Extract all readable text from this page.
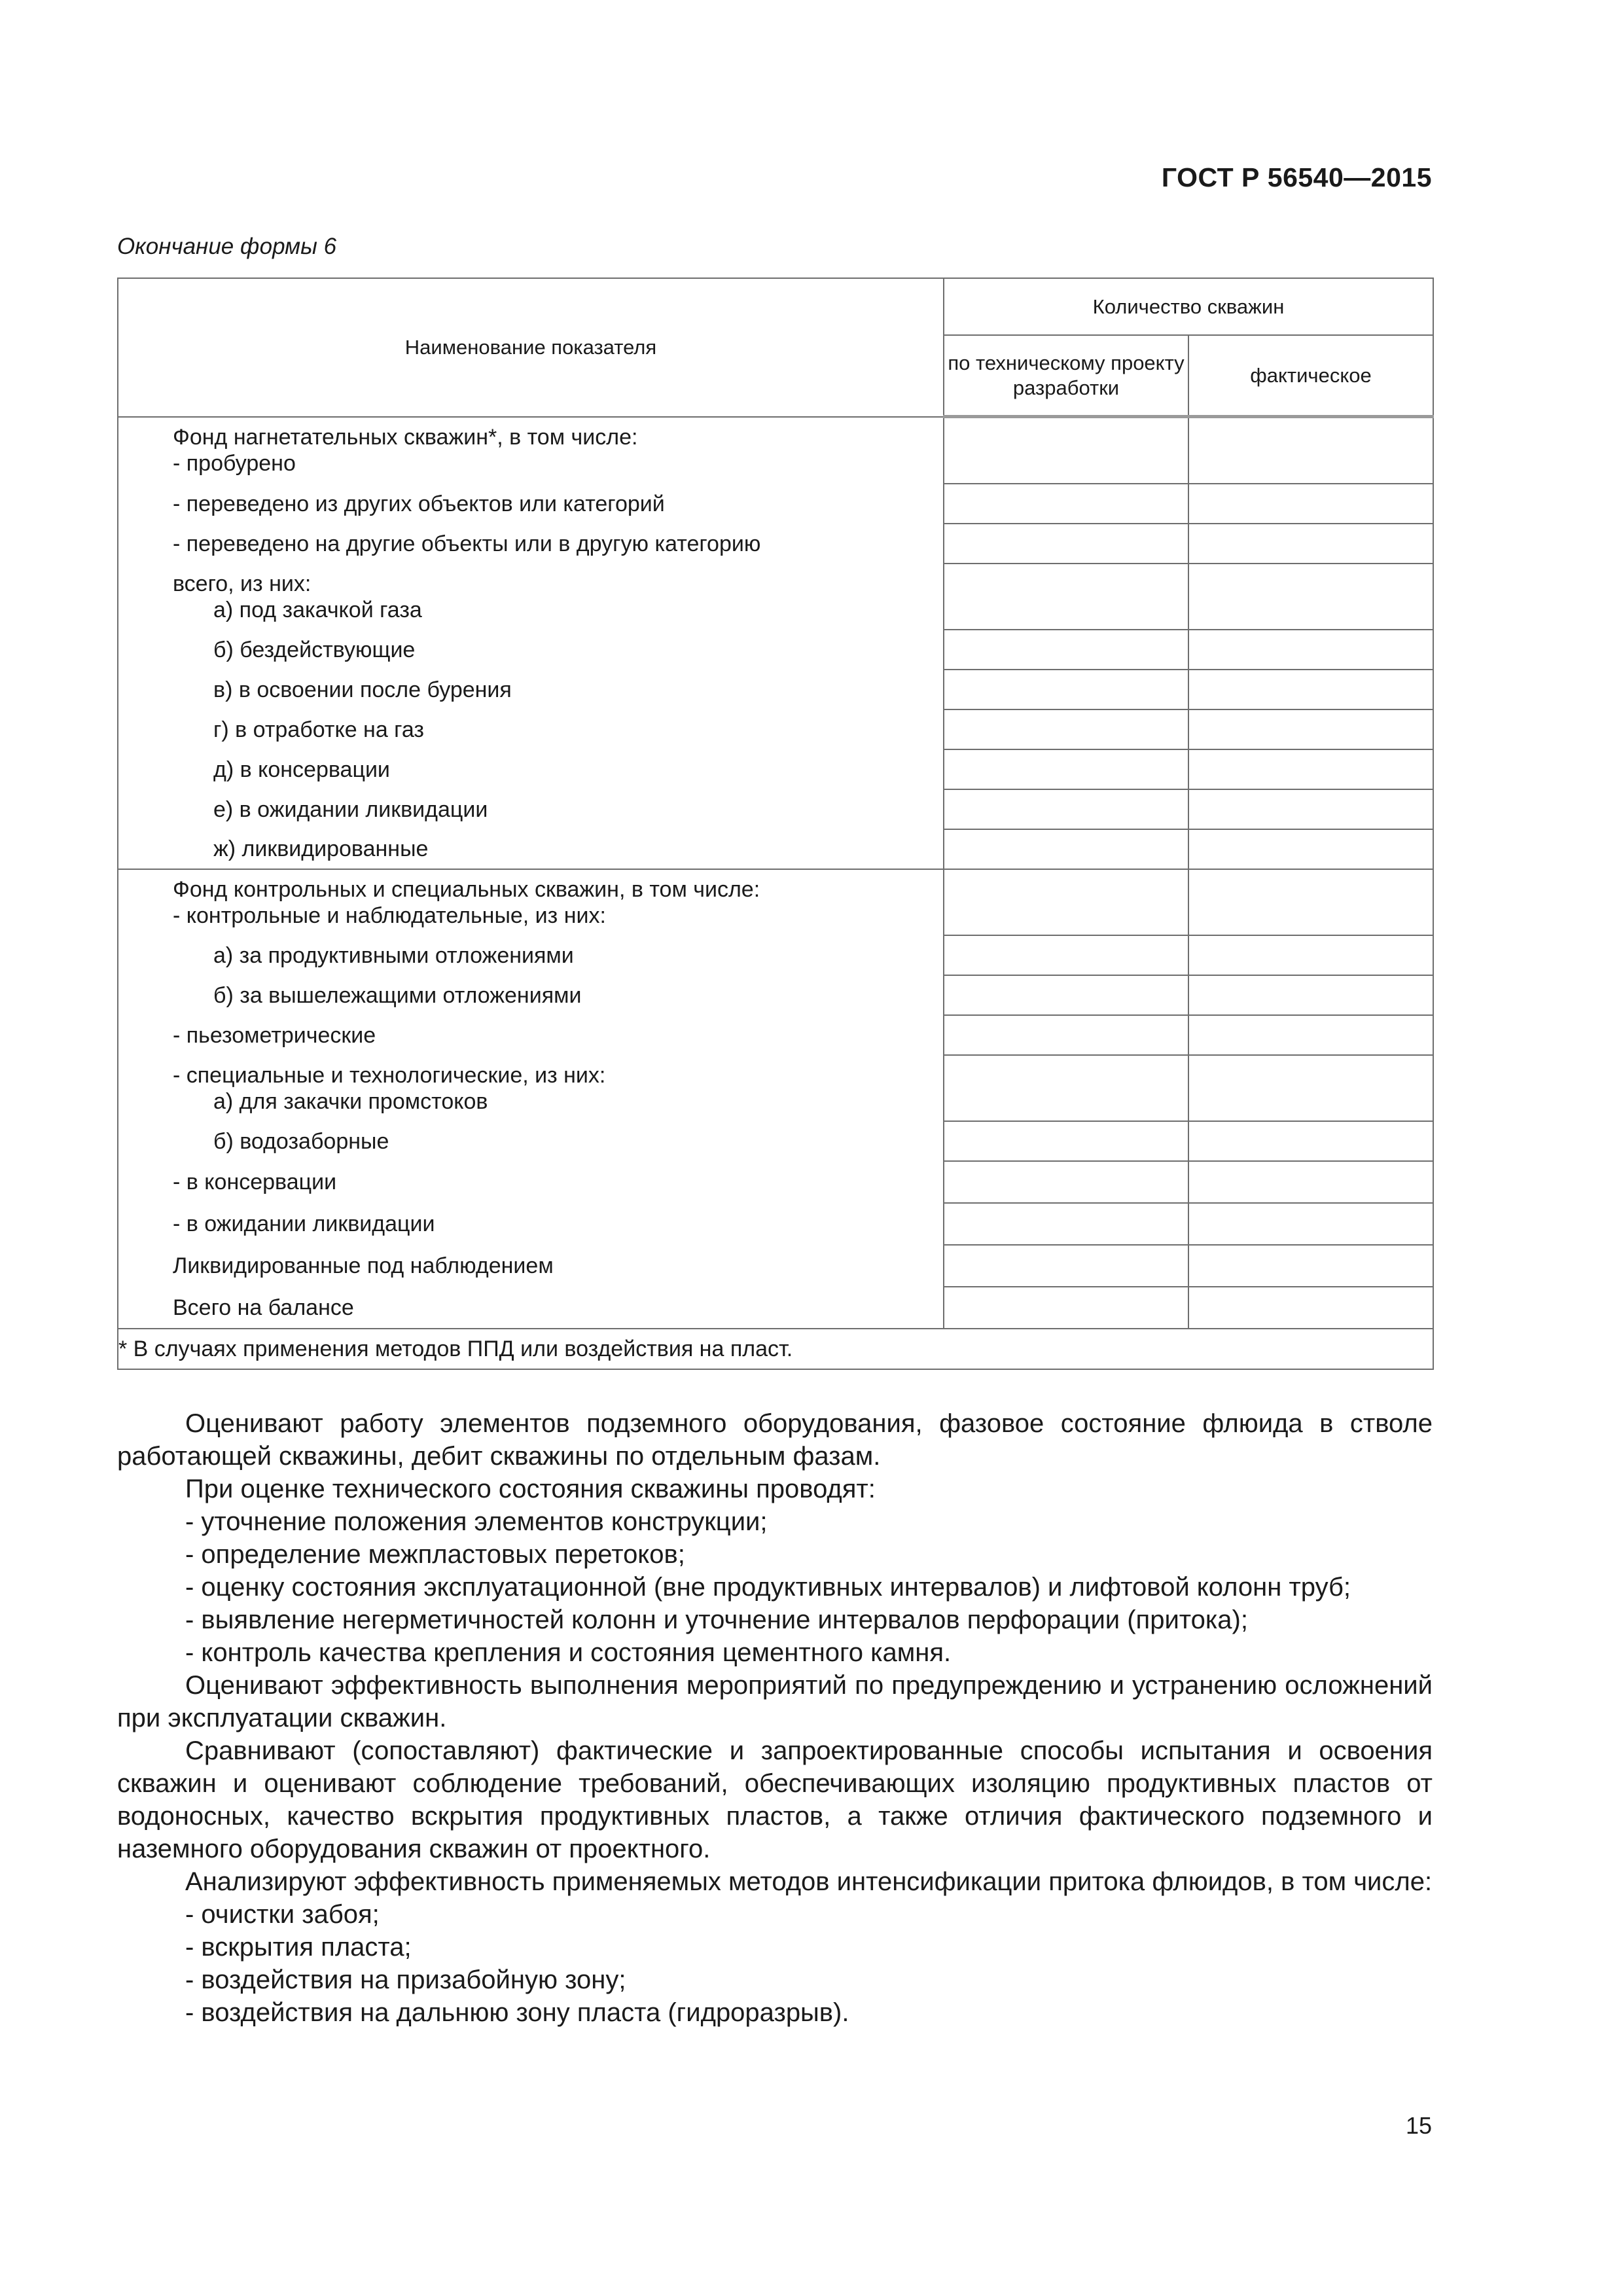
ГОСТ Р 56540—2015
Окончание формы 6
Наименование показателя	Количество скважин	
	по техническому проекту разработки	фактическое

Фонд нагнетательных скважин*, в том числе:
- пробурено		

- переведено из других объектов или категорий		

- переведено на другие объекты или в другую категорию		

всего, из них:
а) под закачкой газа		

б) бездействующие		

в) в освоении после бурения		

г) в отработке на газ		

д) в консервации		

е) в ожидании ликвидации		

ж) ликвидированные		

Фонд контрольных и специальных скважин, в том числе:
- контрольные и наблюдательные, из них:		

а) за продуктивными отложениями		

б) за вышележащими отложениями		

- пьезометрические		

- специальные и технологические, из них:
а) для закачки промстоков		

б) водозаборные		

- в консервации		

- в ожидании ликвидации		

Ликвидированные под наблюдением		

Всего на балансе		

* В случаях применения методов ППД или воздействия на пласт.		

Оценивают работу элементов подземного оборудования, фазовое состояние флюида в стволе работающей скважины, дебит скважины по отдельным фазам.

При оценке технического состояния скважины проводят:

- уточнение положения элементов конструкции;

- определение межпластовых перетоков;

- оценку состояния эксплуатационной (вне продуктивных интервалов) и лифтовой колонн труб;

- выявление негерметичностей колонн и уточнение интервалов перфорации (притока);

- контроль качества крепления и состояния цементного камня.

Оценивают эффективность выполнения мероприятий по предупреждению и устранению осложнений при эксплуатации скважин.

Сравнивают (сопоставляют) фактические и запроектированные способы испытания и освоения скважин и оценивают соблюдение требований, обеспечивающих изоляцию продуктивных пластов от водоносных, качество вскрытия продуктивных пластов, а также отличия фактического подземного и наземного оборудования скважин от проектного.

Анализируют эффективность применяемых методов интенсификации притока флюидов, в том числе:

- очистки забоя;

- вскрытия пласта;

- воздействия на призабойную зону;

- воздействия на дальнюю зону пласта (гидроразрыв).

15
